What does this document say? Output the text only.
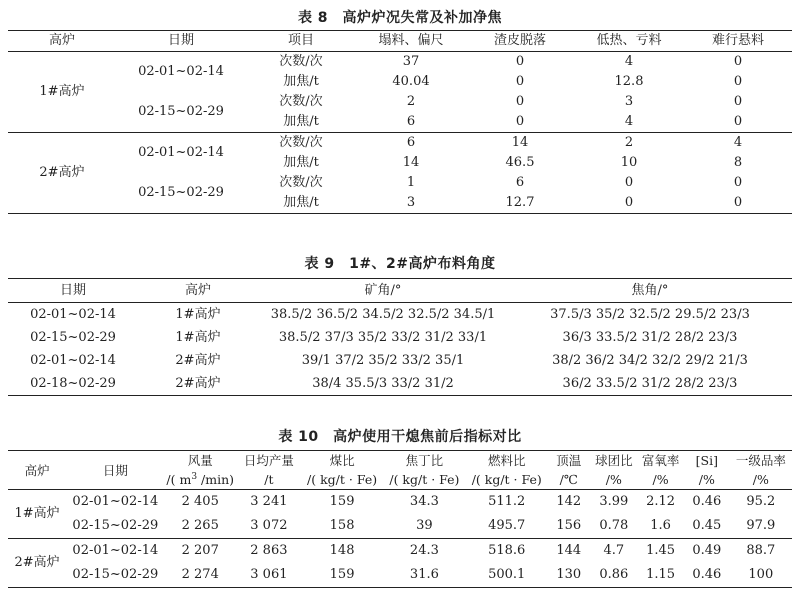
表 8　高炉炉况失常及补加净焦
高炉	日期	项目	塌料、偏尺	渣皮脱落	低热、亏料	难行悬料
1#高炉	02-01~02-14	次数/次	37	0	4	0
		加焦/t	40.04	0	12.8	0
	02-15~02-29	次数/次	2	0	3	0
		加焦/t	6	0	4	0
2#高炉	02-01~02-14	次数/次	6	14	2	4
		加焦/t	14	46.5	10	8
	02-15~02-29	次数/次	1	6	0	0
		加焦/t	3	12.7	0	0
表 9　1#、2#高炉布料角度
日期	高炉	矿角/°	焦角/°
02-01~02-14	1#高炉	38.5/2 36.5/2 34.5/2 32.5/2 34.5/1	37.5/3 35/2 32.5/2 29.5/2 23/3
02-15~02-29	1#高炉	38.5/2 37/3 35/2 33/2 31/2 33/1	36/3 33.5/2 31/2 28/2 23/3
02-01~02-14	2#高炉	39/1 37/2 35/2 33/2 35/1	38/2 36/2 34/2 32/2 29/2 21/3
02-18~02-29	2#高炉	38/4 35.5/3 33/2 31/2	36/2 33.5/2 31/2 28/2 23/3
表 10　高炉使用干熄焦前后指标对比
高炉	日期	风量	日均产量	煤比	焦丁比	燃料比	顶温	球团比	富氧率	[Si]	一级品率
		/( $m^3$ /min)	/t	/( kg/t · Fe)	/( kg/t · Fe)	/( kg/t · Fe)	/℃	/%	/%	/%	/%
1#高炉	02-01~02-14	2 405	3 241	159	34.3	511.2	142	3.99	2.12	0.46	95.2
	02-15~02-29	2 265	3 072	158	39	495.7	156	0.78	1.6	0.45	97.9
2#高炉	02-01~02-14	2 207	2 863	148	24.3	518.6	144	4.7	1.45	0.49	88.7
	02-15~02-29	2 274	3 061	159	31.6	500.1	130	0.86	1.15	0.46	100
